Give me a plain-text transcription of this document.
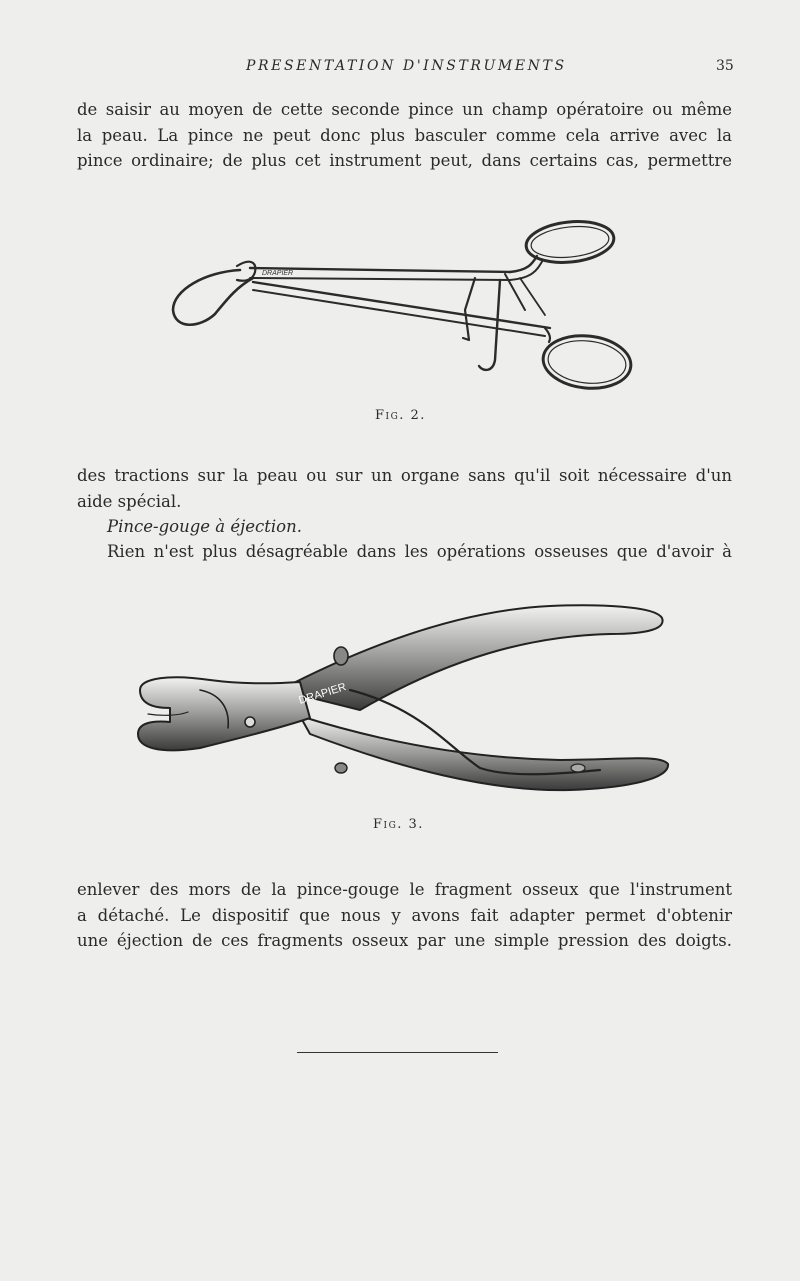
PRESENTATION D'INSTRUMENTS	35

de saisir au moyen de cette seconde pince un champ opératoire ou même
la peau. La pince ne peut donc plus basculer comme cela arrive avec la
pince ordinaire; de plus cet instrument peut, dans certains cas, permettre

DRAPIER
Fig. 2.

des tractions sur la peau ou sur un organe sans qu'il soit nécessaire d'un
aide spécial.

Pince-gouge à éjection.
Rien n'est plus désagréable dans les opérations osseuses que d'avoir à
DRAPIER
Fig. 3.

enlever des mors de la pince-gouge le fragment osseux que l'instrument
a détaché. Le dispositif que nous y avons fait adapter permet d'obtenir
une éjection de ces fragments osseux par une simple pression des doigts.
